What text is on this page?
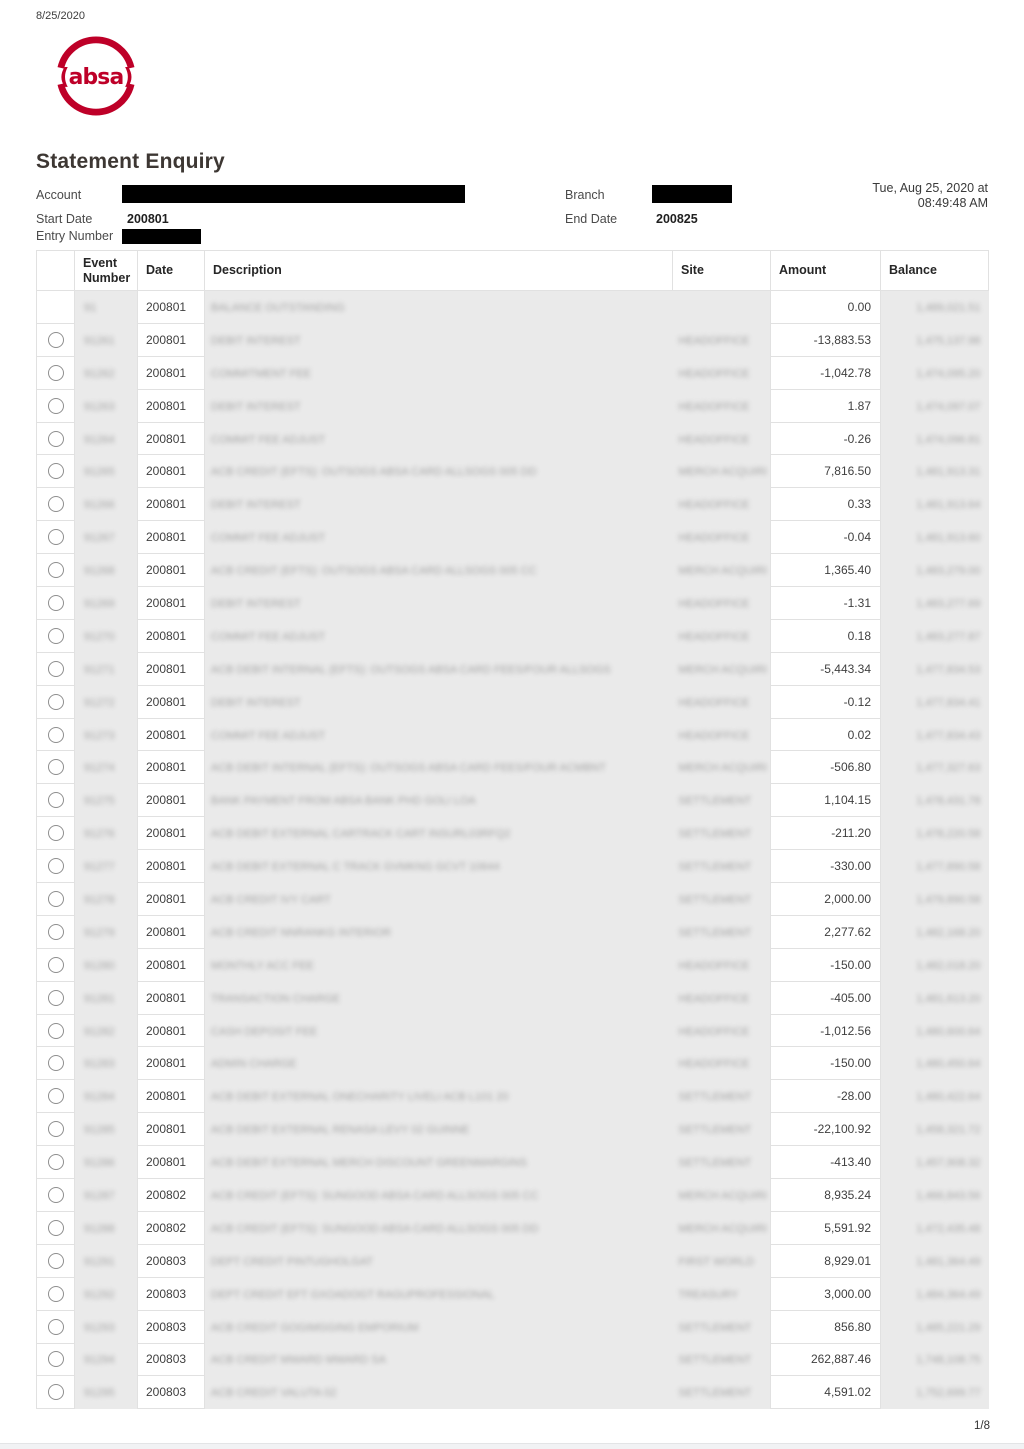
8/25/2020
(absa)
Statement Enquiry
Account	Branch	Tue, Aug 25, 2020 at
08:49:48 AM
Start Date	200801	End Date	200825
Entry Number
	Event Number	Date	Description	Site	Amount	Balance
	91	200801	BALANCE OUTSTANDING		0.00	1,489,021.51
	91261	200801	DEBIT INTEREST	HEADOFFICE	-13,883.53	1,475,137.98
	91262	200801	COMMITMENT FEE	HEADOFFICE	-1,042.78	1,474,095.20
	91263	200801	DEBIT INTEREST	HEADOFFICE	1.87	1,474,097.07
	91264	200801	COMMIT FEE ADJUST	HEADOFFICE	-0.26	1,474,096.81
	91265	200801	ACB CREDIT (EFTS): OUTSOGS ABSA CARD ALLSOGS 005 DD	MERCH ACQUIRI	7,816.50	1,481,913.31
	91266	200801	DEBIT INTEREST	HEADOFFICE	0.33	1,481,913.64
	91267	200801	COMMIT FEE ADJUST	HEADOFFICE	-0.04	1,481,913.60
	91268	200801	ACB CREDIT (EFTS): OUTSOGS ABSA CARD ALLSOGS 005 CC	MERCH ACQUIRI	1,365.40	1,483,279.00
	91269	200801	DEBIT INTEREST	HEADOFFICE	-1.31	1,483,277.69
	91270	200801	COMMIT FEE ADJUST	HEADOFFICE	0.18	1,483,277.87
	91271	200801	ACB DEBIT INTERNAL (EFTS): OUTSOGS ABSA CARD FEES/FOUR ALLSOGS	MERCH ACQUIRI	-5,443.34	1,477,834.53
	91272	200801	DEBIT INTEREST	HEADOFFICE	-0.12	1,477,834.41
	91273	200801	COMMIT FEE ADJUST	HEADOFFICE	0.02	1,477,834.43
	91274	200801	ACB DEBIT INTERNAL (EFTS): OUTSOGS ABSA CARD FEES/FOUR ACMBNT	MERCH ACQUIRI	-506.80	1,477,327.63
	91275	200801	BANK PAYMENT FROM ABSA BANK PHD GOLI LOA	SETTLEMENT	1,104.15	1,478,431.78
	91276	200801	ACB DEBIT EXTERNAL CARTRACK CART INSURL03RFQ2	SETTLEMENT	-211.20	1,478,220.58
	91277	200801	ACB DEBIT EXTERNAL C TRACK GVMKNG GCVT 10644	SETTLEMENT	-330.00	1,477,890.58
	91278	200801	ACB CREDIT IVY CART	SETTLEMENT	2,000.00	1,479,890.58
	91279	200801	ACB CREDIT NNRANKG INTERIOR	SETTLEMENT	2,277.62	1,482,168.20
	91280	200801	MONTHLY ACC FEE	HEADOFFICE	-150.00	1,482,018.20
	91281	200801	TRANSACTION CHARGE	HEADOFFICE	-405.00	1,481,613.20
	91282	200801	CASH DEPOSIT FEE	HEADOFFICE	-1,012.56	1,480,600.64
	91283	200801	ADMIN CHARGE	HEADOFFICE	-150.00	1,480,450.64
	91284	200801	ACB DEBIT EXTERNAL ONECHARITY LIVELI ACB L101 20	SETTLEMENT	-28.00	1,480,422.64
	91285	200801	ACB DEBIT EXTERNAL RENASA LEVY 02 GUINNE	SETTLEMENT	-22,100.92	1,458,321.72
	91286	200801	ACB DEBIT EXTERNAL MERCH DISCOUNT GREENMARGINS	SETTLEMENT	-413.40	1,457,908.32
	91287	200802	ACB CREDIT (EFTS): SUNGOOD ABSA CARD ALLSOGS 005 CC	MERCH ACQUIRI	8,935.24	1,466,843.56
	91288	200802	ACB CREDIT (EFTS): SUNGOOD ABSA CARD ALLSOGS 005 DD	MERCH ACQUIRI	5,591.92	1,472,435.48
	91291	200803	DEPT CREDIT PINTUGHOLGAT	FIRST WORLD	8,929.01	1,481,364.49
	91292	200803	DEPT CREDIT EFT GXOADOGT RAGUPROFESSIONAL	TREASURY	3,000.00	1,484,364.49
	91293	200803	ACB CREDIT GOGIMGGING EMPORIUM	SETTLEMENT	856.80	1,485,221.29
	91294	200803	ACB CREDIT MWARD MWARD SA	SETTLEMENT	262,887.46	1,748,108.75
	91295	200803	ACB CREDIT VALUTA 02	SETTLEMENT	4,591.02	1,752,699.77
1/8
